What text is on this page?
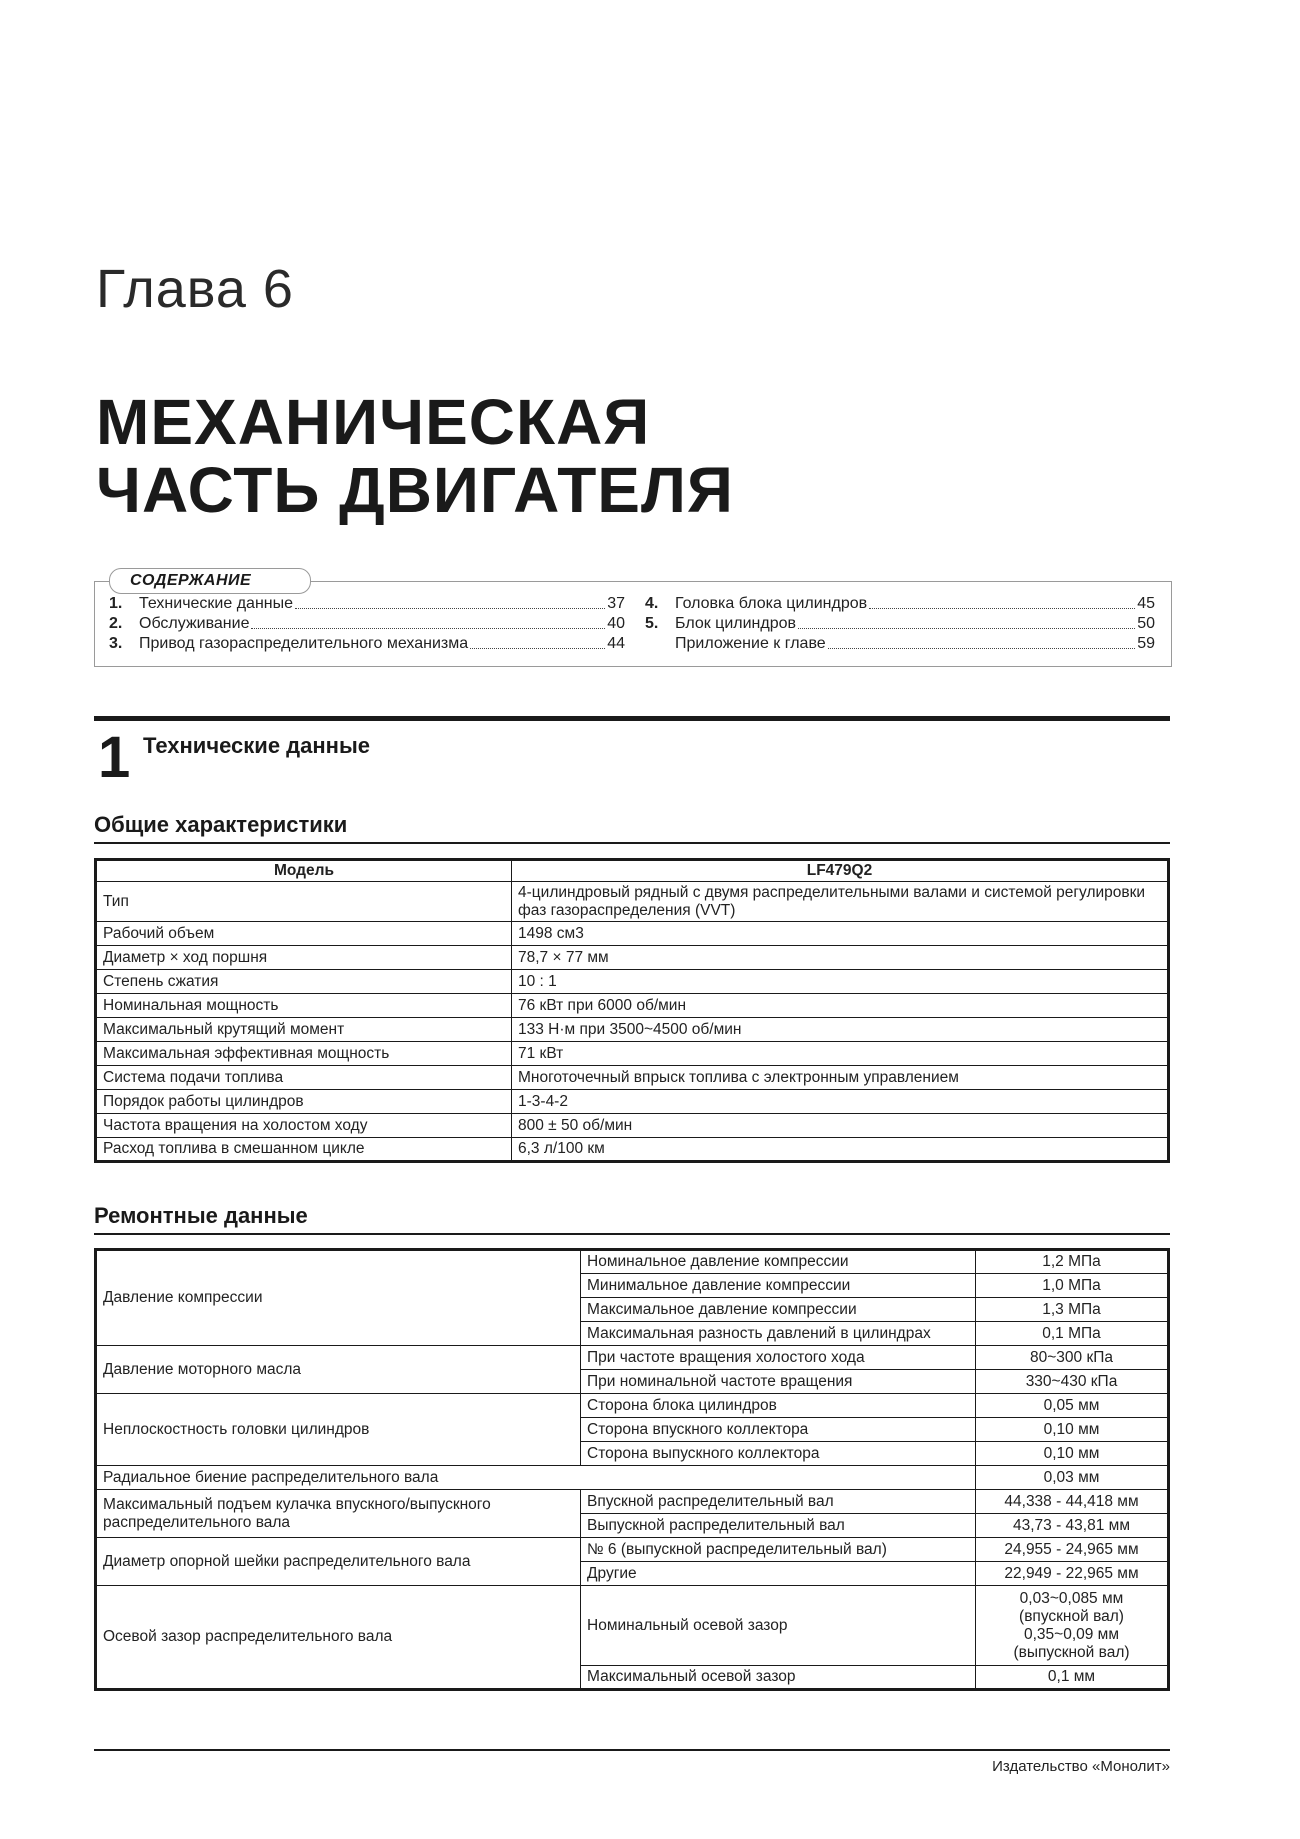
Глава 6
МЕХАНИЧЕСКАЯ
ЧАСТЬ ДВИГАТЕЛЯ
СОДЕРЖАНИЕ
1.	Технические данные	37
2.	Обслуживание	40
3.	Привод газораспределительного механизма	44
4.	Головка блока цилиндров	45
5.	Блок цилиндров	50
Приложение к главе	59
1 Технические данные
Общие характеристики
Модель	LF479Q2
Тип	4-цилиндровый рядный с двумя распределительными валами и системой регулировки фаз газораспределения (VVT)
Рабочий объем	1498 см3
Диаметр × ход поршня	78,7 × 77 мм
Степень сжатия	10 : 1
Номинальная мощность	76 кВт при 6000 об/мин
Максимальный крутящий момент	133 Н·м при 3500~4500 об/мин
Максимальная эффективная мощность	71 кВт
Система подачи топлива	Многоточечный впрыск топлива с электронным управлением
Порядок работы цилиндров	1-3-4-2
Частота вращения на холостом ходу	800 ± 50 об/мин
Расход топлива в смешанном цикле	6,3 л/100 км
Ремонтные данные
Давление компрессии	Номинальное давление компрессии	1,2 МПа
	Минимальное давление компрессии	1,0 МПа
	Максимальное давление компрессии	1,3 МПа
	Максимальная разность давлений в цилиндрах	0,1 МПа
Давление моторного масла	При частоте вращения холостого хода	80~300 кПа
	При номинальной частоте вращения	330~430 кПа
Неплоскостность головки цилиндров	Сторона блока цилиндров	0,05 мм
	Сторона впускного коллектора	0,10 мм
	Сторона выпускного коллектора	0,10 мм
Радиальное биение распределительного вала		0,03 мм
Максимальный подъем кулачка впускного/выпускного распределительного вала	Впускной распределительный вал	44,338 - 44,418 мм
	Выпускной распределительный вал	43,73 - 43,81 мм
Диаметр опорной шейки распределительного вала	№ 6 (выпускной распределительный вал)	24,955 - 24,965 мм
	Другие	22,949 - 22,965 мм
Осевой зазор распределительного вала	Номинальный осевой зазор	0,03~0,085 мм
(впускной вал)
0,35~0,09 мм
(выпускной вал)

	Максимальный осевой зазор	0,1 мм
Издательство «Монолит»
